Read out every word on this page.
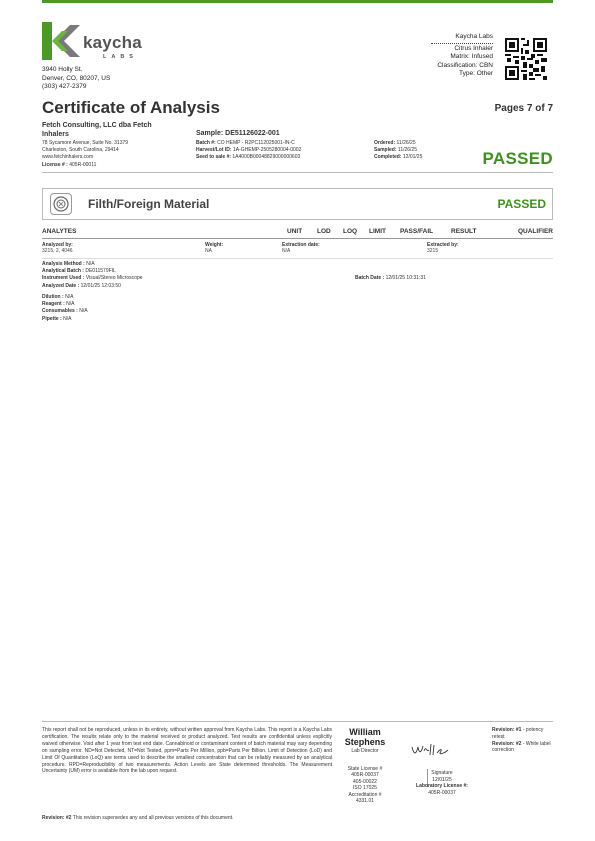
kaycha
LABS
3940 Holly St.
Denver, CO, 80207, US
(303) 427-2379
Kaycha Labs
Citrus Inhaler
Matrix: Infused
Classification: CBN
Type: Other
Certificate of Analysis	Pages 7 of 7
Fetch Consulting, LLC dba Fetch
Inhalers
78 Sycamore Avenue, Suite No. 31379
Charleston, South Carolina, 29414
www.fetchinhalers.com
License # : 405R-00011
Sample: DE51126022-001
Batch #: CO HEMP - R2PC112025001-IN-C
Harvest/Lot ID: 1A-GHEMP-2505280004-0002
Seed to sale #: 1A4000B00048829000000603
Ordered: 11/26/25
Sampled: 11/26/25
Completed: 12/01/25	PASSED
Filth/Foreign Material	PASSED
ANALYTES	UNIT LOD LOQ LIMIT PASS/FAIL	RESULT	QUALIFIER
Analyzed by:
3215, 2, 4046
Weight:
NA
Extraction date:
N/A
Extracted by:
3215
Analysis Method : N/A
Analytical Batch : DE011579FIL
Instrument Used : Visual/Stereo Microscope
Analyzed Date : 12/01/25 12:03:50
Batch Date : 12/01/25 10:31:31
Dilution : N/A
Reagent : N/A
Consumables : N/A
Pipette : N/A
This report shall not be reproduced, unless in its entirety, without written approval from Kaycha Labs. This report is a Kaycha Labs certification. The results relate only to the material received or product analyzed. Test results are confidential unless explicitly waived otherwise. Void after 1 year from test end date. Cannabinoid or contaminant content of batch material may vary depending on sampling error. ND=Not Detected, NT=Not Tested, ppm=Parts Per Million, ppb=Parts Per Billion. Limit of Detection (LoD) and Limit Of Quantitation (LoQ) are terms used to describe the smallest concentration that can be reliably measured by an analytical procedure. RPD=Reproducibility of two measurements. Action Levels are State determined thresholds. The Measurement Uncertainty (UM) error is available from the lab upon request.
William
Stephens
Lab Director
State License #
405R-00037
405-00022
ISO 17025
Accreditation #
4331.01
Signature
12/01/25
Laboratory License #:
405R-00037
Revision: #1 - potency retest
Revision: #2 - White label correction
Revision: #2 This revision supersedes any and all previous versions of this document.
